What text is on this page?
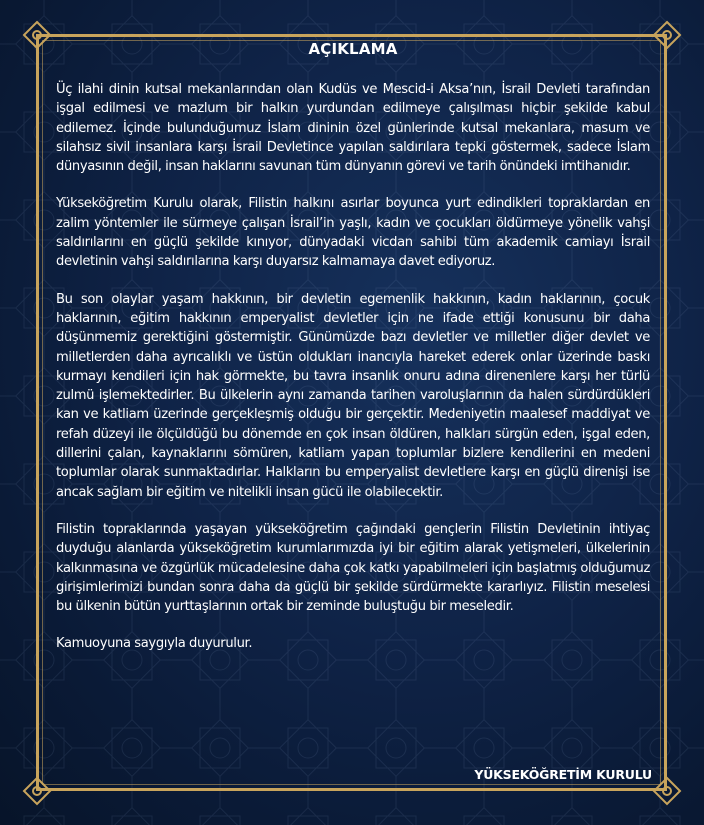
AÇIKLAMA

Üç ilahi dinin kutsal mekanlarından olan Kudüs ve Mescid-i Aksa’nın, İsrail Devleti tarafından işgal edilmesi ve mazlum bir halkın yurdundan edilmeye çalışılması hiçbir şekilde kabul edilemez. İçinde bulunduğumuz İslam dininin özel günlerinde kutsal mekanlara, masum ve silahsız sivil insanlara karşı İsrail Devletince yapılan saldırılara tepki göstermek, sadece İslam dünyasının değil, insan haklarını savunan tüm dünyanın görevi ve tarih önündeki imtihanıdır.

Yükseköğretim Kurulu olarak, Filistin halkını asırlar boyunca yurt edindikleri topraklardan en zalim yöntemler ile sürmeye çalışan İsrail’in yaşlı, kadın ve çocukları öldürmeye yönelik vahşi saldırılarını en güçlü şekilde kınıyor, dünyadaki vicdan sahibi tüm akademik camiayı İsrail devletinin vahşi saldırılarına karşı duyarsız kalmamaya davet ediyoruz.

Bu son olaylar yaşam hakkının, bir devletin egemenlik hakkının, kadın haklarının, çocuk haklarının, eğitim hakkının emperyalist devletler için ne ifade ettiği konusunu bir daha düşünmemiz gerektiğini göstermiştir. Günümüzde bazı devletler ve milletler diğer devlet ve milletlerden daha ayrıcalıklı ve üstün oldukları inancıyla hareket ederek onlar üzerinde baskı kurmayı kendileri için hak görmekte, bu tavra insanlık onuru adına direnenlere karşı her türlü zulmü işlemektedirler. Bu ülkelerin aynı zamanda tarihen varoluşlarının da halen sürdürdükleri kan ve katliam üzerinde gerçekleşmiş olduğu bir gerçektir. Medeniyetin maalesef maddiyat ve refah düzeyi ile ölçüldüğü bu dönemde en çok insan öldüren, halkları sürgün eden, işgal eden, dillerini çalan, kaynaklarını sömüren, katliam yapan toplumlar bizlere kendilerini en medeni toplumlar olarak sunmaktadırlar. Halkların bu emperyalist devletlere karşı en güçlü direnişi ise ancak sağlam bir eğitim ve nitelikli insan gücü ile olabilecektir.

Filistin topraklarında yaşayan yükseköğretim çağındaki gençlerin Filistin Devletinin ihtiyaç duyduğu alanlarda yükseköğretim kurumlarımızda iyi bir eğitim alarak yetişmeleri, ülkelerinin kalkınmasına ve özgürlük mücadelesine daha çok katkı yapabilmeleri için başlatmış olduğumuz girişimlerimizi bundan sonra daha da güçlü bir şekilde sürdürmekte kararlıyız. Filistin meselesi bu ülkenin bütün yurttaşlarının ortak bir zeminde buluştuğu bir meseledir.

Kamuoyuna saygıyla duyurulur.

YÜKSEKÖĞRETİM KURULU
